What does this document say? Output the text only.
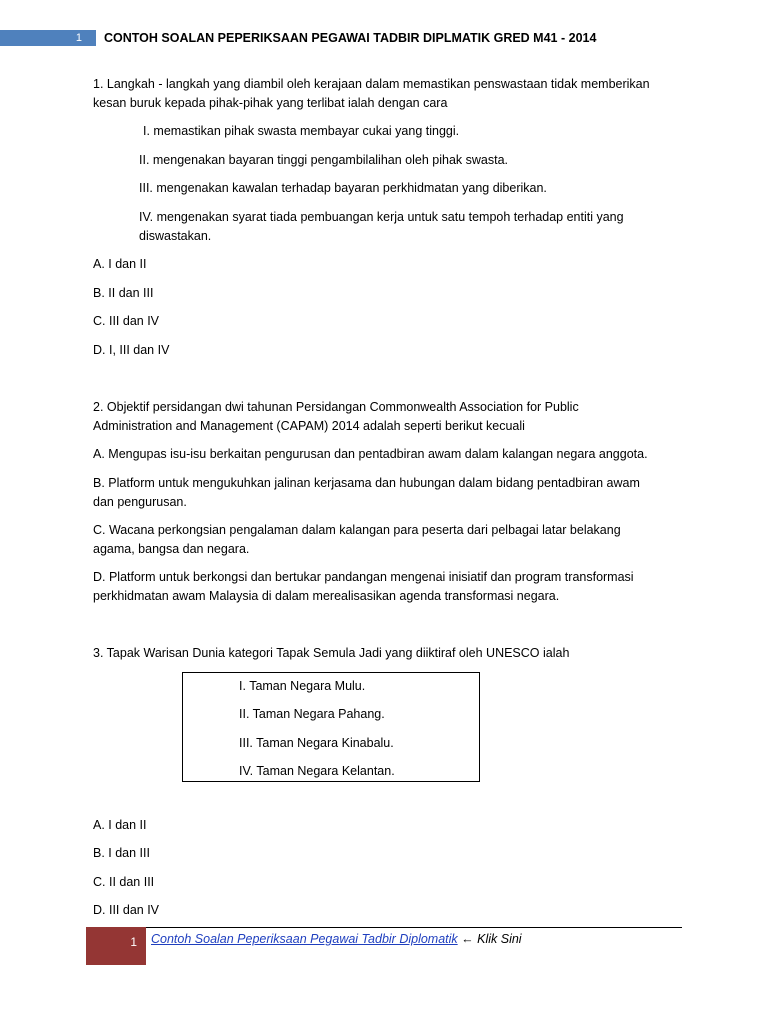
1	CONTOH SOALAN PEPERIKSAAN PEGAWAI TADBIR DIPLMATIK GRED M41 - 2014
1. Langkah - langkah yang diambil oleh kerajaan dalam memastikan penswastaan tidak memberikan
kesan buruk kepada pihak-pihak yang terlibat ialah dengan cara
I. memastikan pihak swasta membayar cukai yang tinggi.
II. mengenakan bayaran tinggi pengambilalihan oleh pihak swasta.
III. mengenakan kawalan terhadap bayaran perkhidmatan yang diberikan.
IV. mengenakan syarat tiada pembuangan kerja untuk satu tempoh terhadap entiti yang
diswastakan.
A. I dan II
B. II dan III
C. III dan IV
D. I, III dan IV
2. Objektif persidangan dwi tahunan Persidangan Commonwealth Association for Public
Administration and Management (CAPAM) 2014 adalah seperti berikut kecuali
A. Mengupas isu-isu berkaitan pengurusan dan pentadbiran awam dalam kalangan negara anggota.
B. Platform untuk mengukuhkan jalinan kerjasama dan hubungan dalam bidang pentadbiran awam
dan pengurusan.
C. Wacana perkongsian pengalaman dalam kalangan para peserta dari pelbagai latar belakang
agama, bangsa dan negara.
D. Platform untuk berkongsi dan bertukar pandangan mengenai inisiatif dan program transformasi
perkhidmatan awam Malaysia di dalam merealisasikan agenda transformasi negara.
3. Tapak Warisan Dunia kategori Tapak Semula Jadi yang diiktiraf oleh UNESCO ialah
I. Taman Negara Mulu.
II. Taman Negara Pahang.
III. Taman Negara Kinabalu.
IV. Taman Negara Kelantan.
A. I dan II
B. I dan III
C. II dan III
D. III dan IV
1	Contoh Soalan Peperiksaan Pegawai Tadbir Diplomatik ← Klik Sini
